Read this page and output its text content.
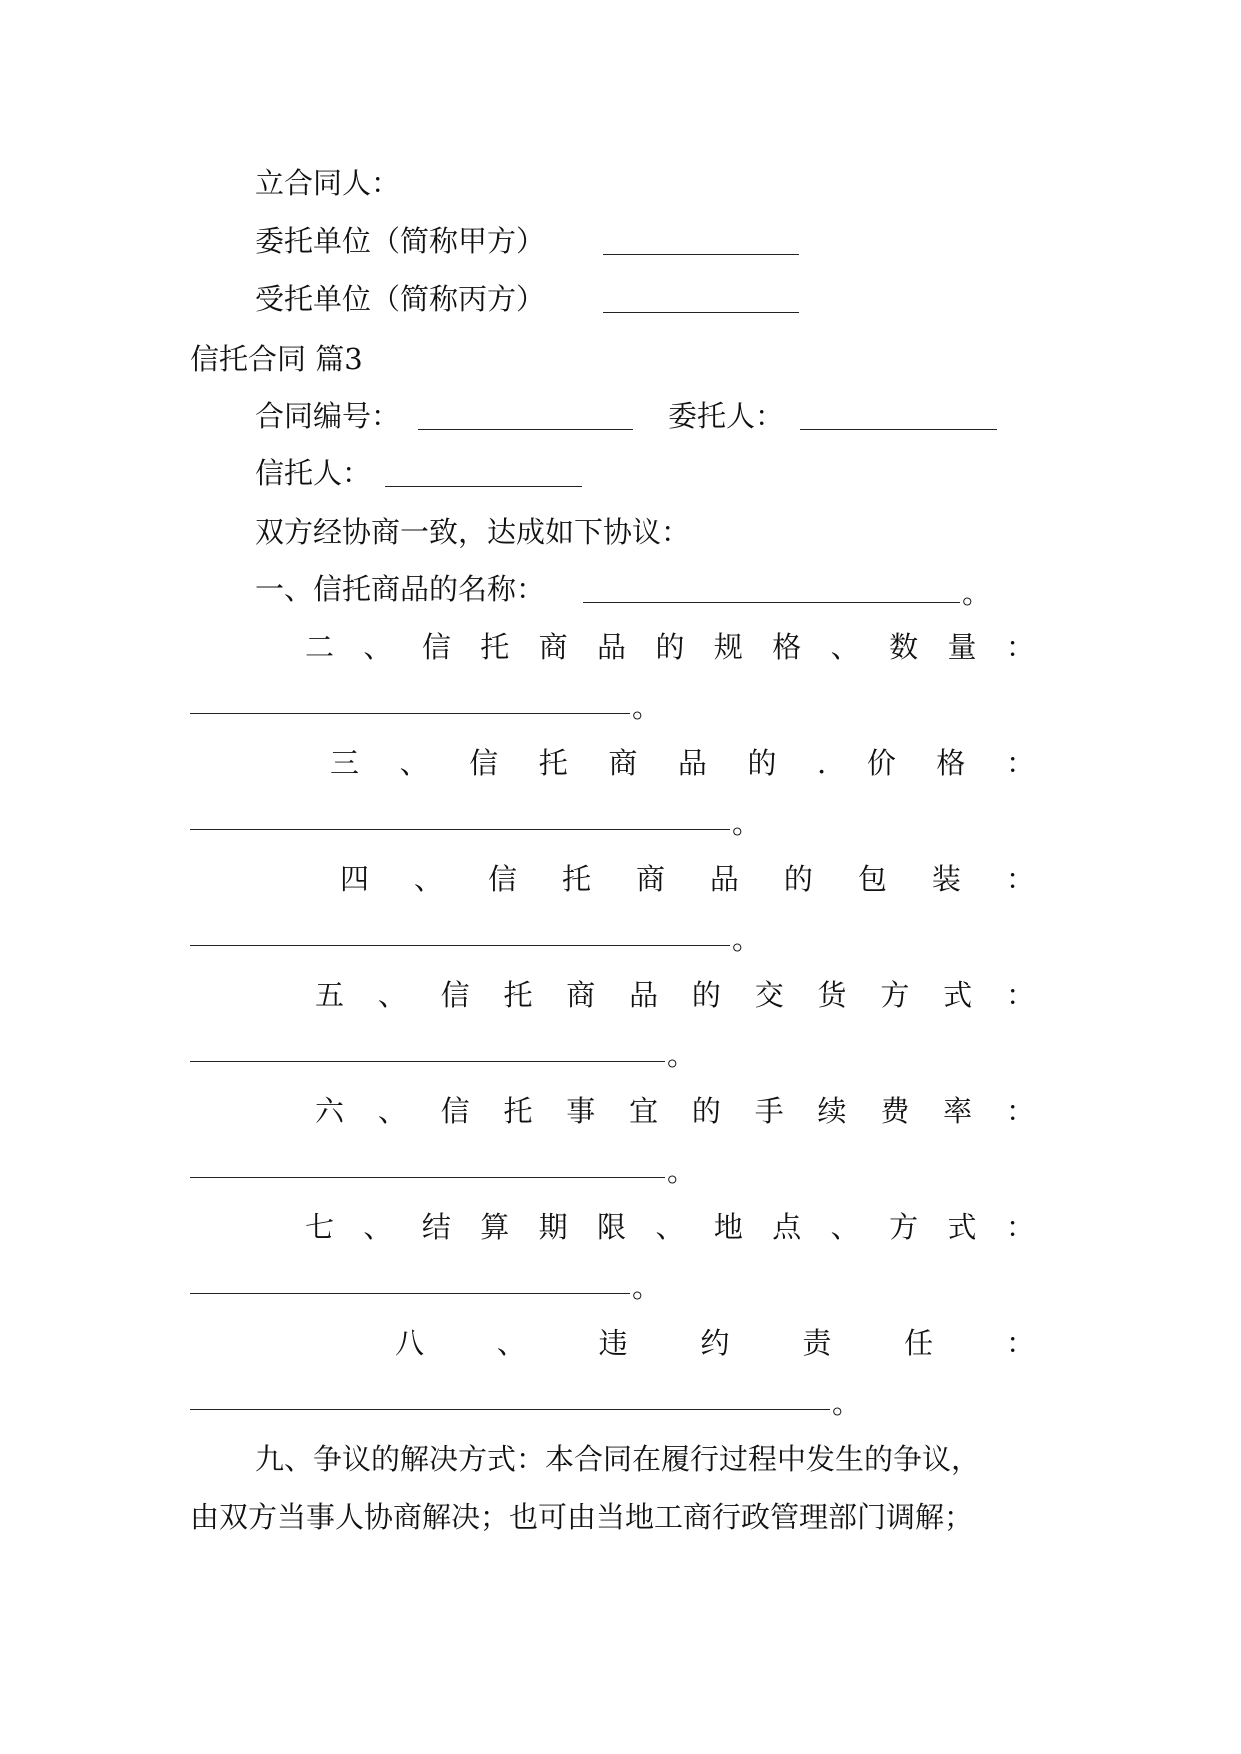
立合同人：
委托单位（简称甲方）
受托单位（简称丙方）
信托合同 篇3
合同编号：	委托人：
信托人：
双方经协商一致，达成如下协议：
一、信托商品的名称：	。
二 、 信 托 商 品 的 规 格 、 数 量 ：
。
三 、 信 托 商 品 的 . 价 格 ：
。
四 、 信 托 商 品 的 包 装 ：
。
五 、 信 托 商 品 的 交 货 方 式 ：
。
六 、 信 托 事 宜 的 手 续 费 率 ：
。
七 、 结 算 期 限 、 地 点 、 方 式 ：
。
八	、	违	约	责	任	：
。
九、争议的解决方式：本合同在履行过程中发生的争议，
由双方当事人协商解决；也可由当地工商行政管理部门调解；
